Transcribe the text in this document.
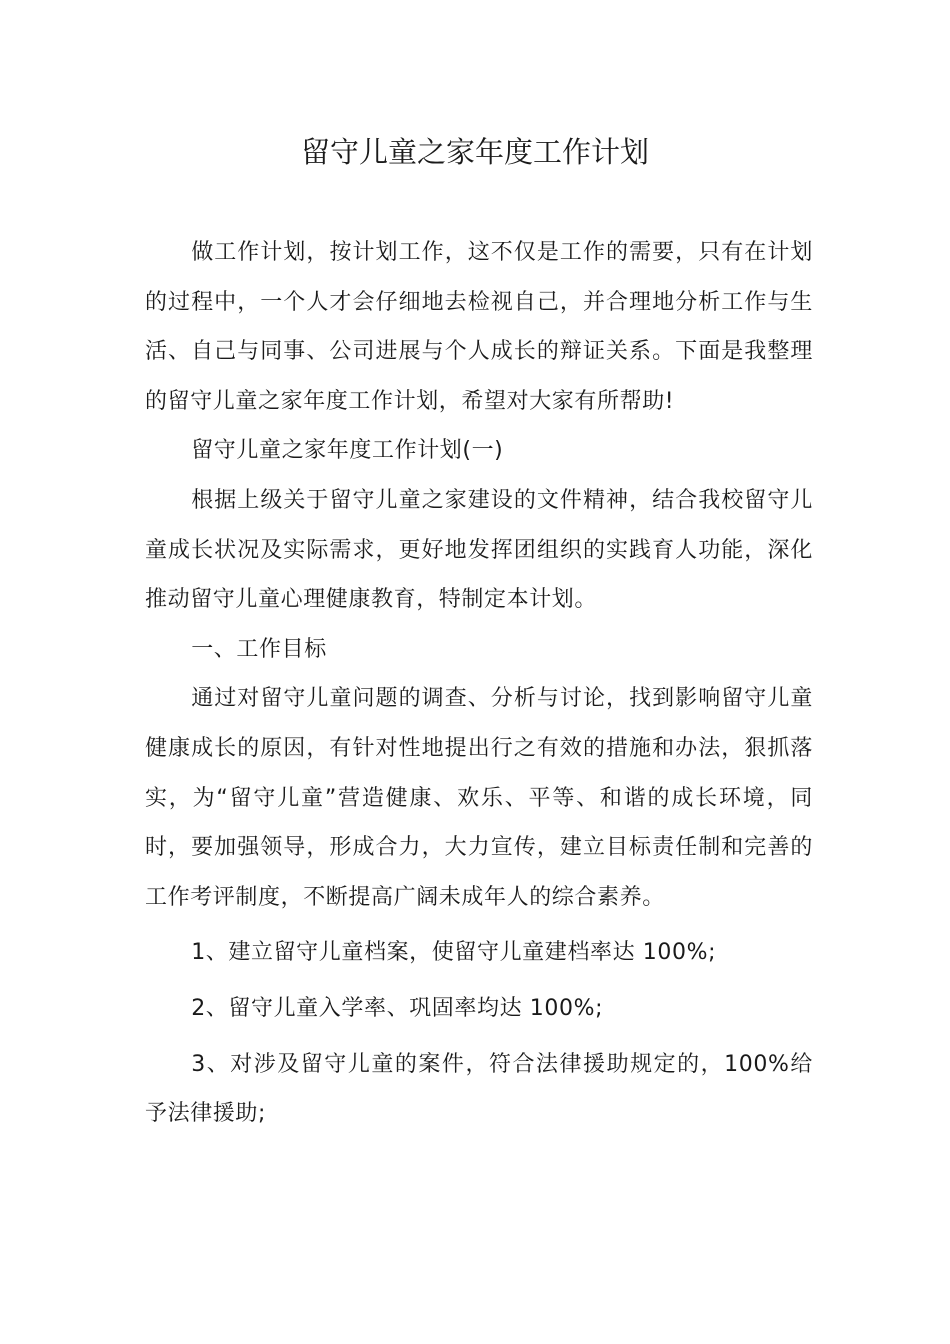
留守儿童之家年度工作计划

做工作计划，按计划工作，这不仅是工作的需要，只有在计划的过程中，一个人才会仔细地去检视自己，并合理地分析工作与生活、自己与同事、公司进展与个人成长的辩证关系。下面是我整理的留守儿童之家年度工作计划，希望对大家有所帮助!

留守儿童之家年度工作计划(一)

根据上级关于留守儿童之家建设的文件精神，结合我校留守儿童成长状况及实际需求，更好地发挥团组织的实践育人功能，深化推动留守儿童心理健康教育，特制定本计划。

一、工作目标

通过对留守儿童问题的调查、分析与讨论，找到影响留守儿童健康成长的原因，有针对性地提出行之有效的措施和办法，狠抓落实，为“留守儿童”营造健康、欢乐、平等、和谐的成长环境，同时，要加强领导，形成合力，大力宣传，建立目标责任制和完善的工作考评制度，不断提高广阔未成年人的综合素养。

1、建立留守儿童档案，使留守儿童建档率达 100%;

2、留守儿童入学率、巩固率均达 100%;

3、对涉及留守儿童的案件，符合法律援助规定的，100%给予法律援助;
